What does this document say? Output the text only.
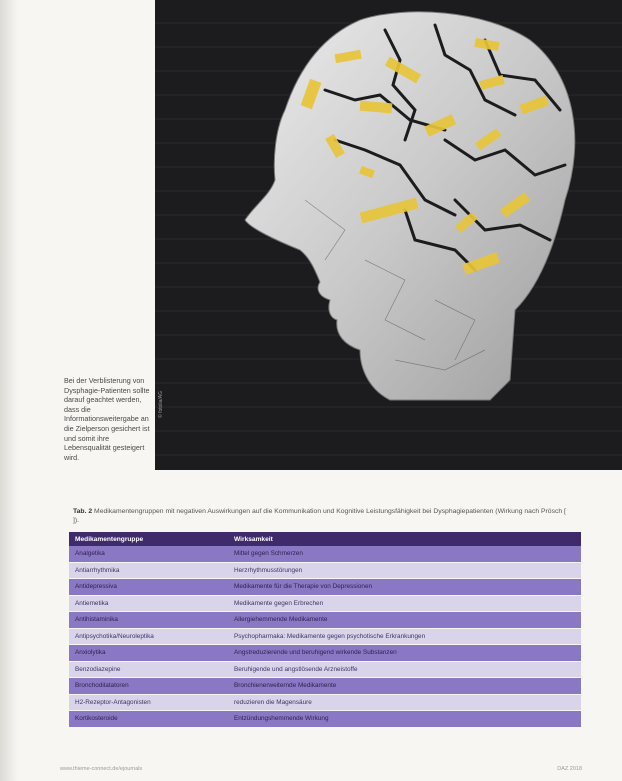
© fotolia/AG
Bei der Verblisterung von Dysphagie-Patienten sollte darauf geachtet werden, dass die Informationsweitergabe an die Zielperson gesichert ist und somit ihre Lebensqualität gesteigert wird.
Tab. 2 Medikamentengruppen mit negativen Auswirkungen auf die Kommunikation und Kognitive Leistungsfähigkeit bei Dysphagiepatienten (Wirkung nach Prösch [ ]).
Medikamentengruppe	Wirksamkeit
Analgetika	Mittel gegen Schmerzen
Antiarrhythmika	Herzrhythmusstörungen
Antidepressiva	Medikamente für die Therapie von Depressionen
Antiemetika	Medikamente gegen Erbrechen
Antihistaminika	Allergiehemmende Medikamente
Antipsychotika/Neuroleptika	Psychopharmaka: Medikamente gegen psychotische Erkrankungen
Anxiolytika	Angstreduzierende und beruhigend wirkende Substanzen
Benzodiazepine	Beruhigende und angstlösende Arzneistoffe
Bronchodilatatoren	Bronchienerweiternde Medikamente
H2-Rezeptor-Antagonisten	reduzieren die Magensäure
Kortikosteroide	Entzündungshemmende Wirkung
www.thieme-connect.de/ejournals	DAZ 2018
